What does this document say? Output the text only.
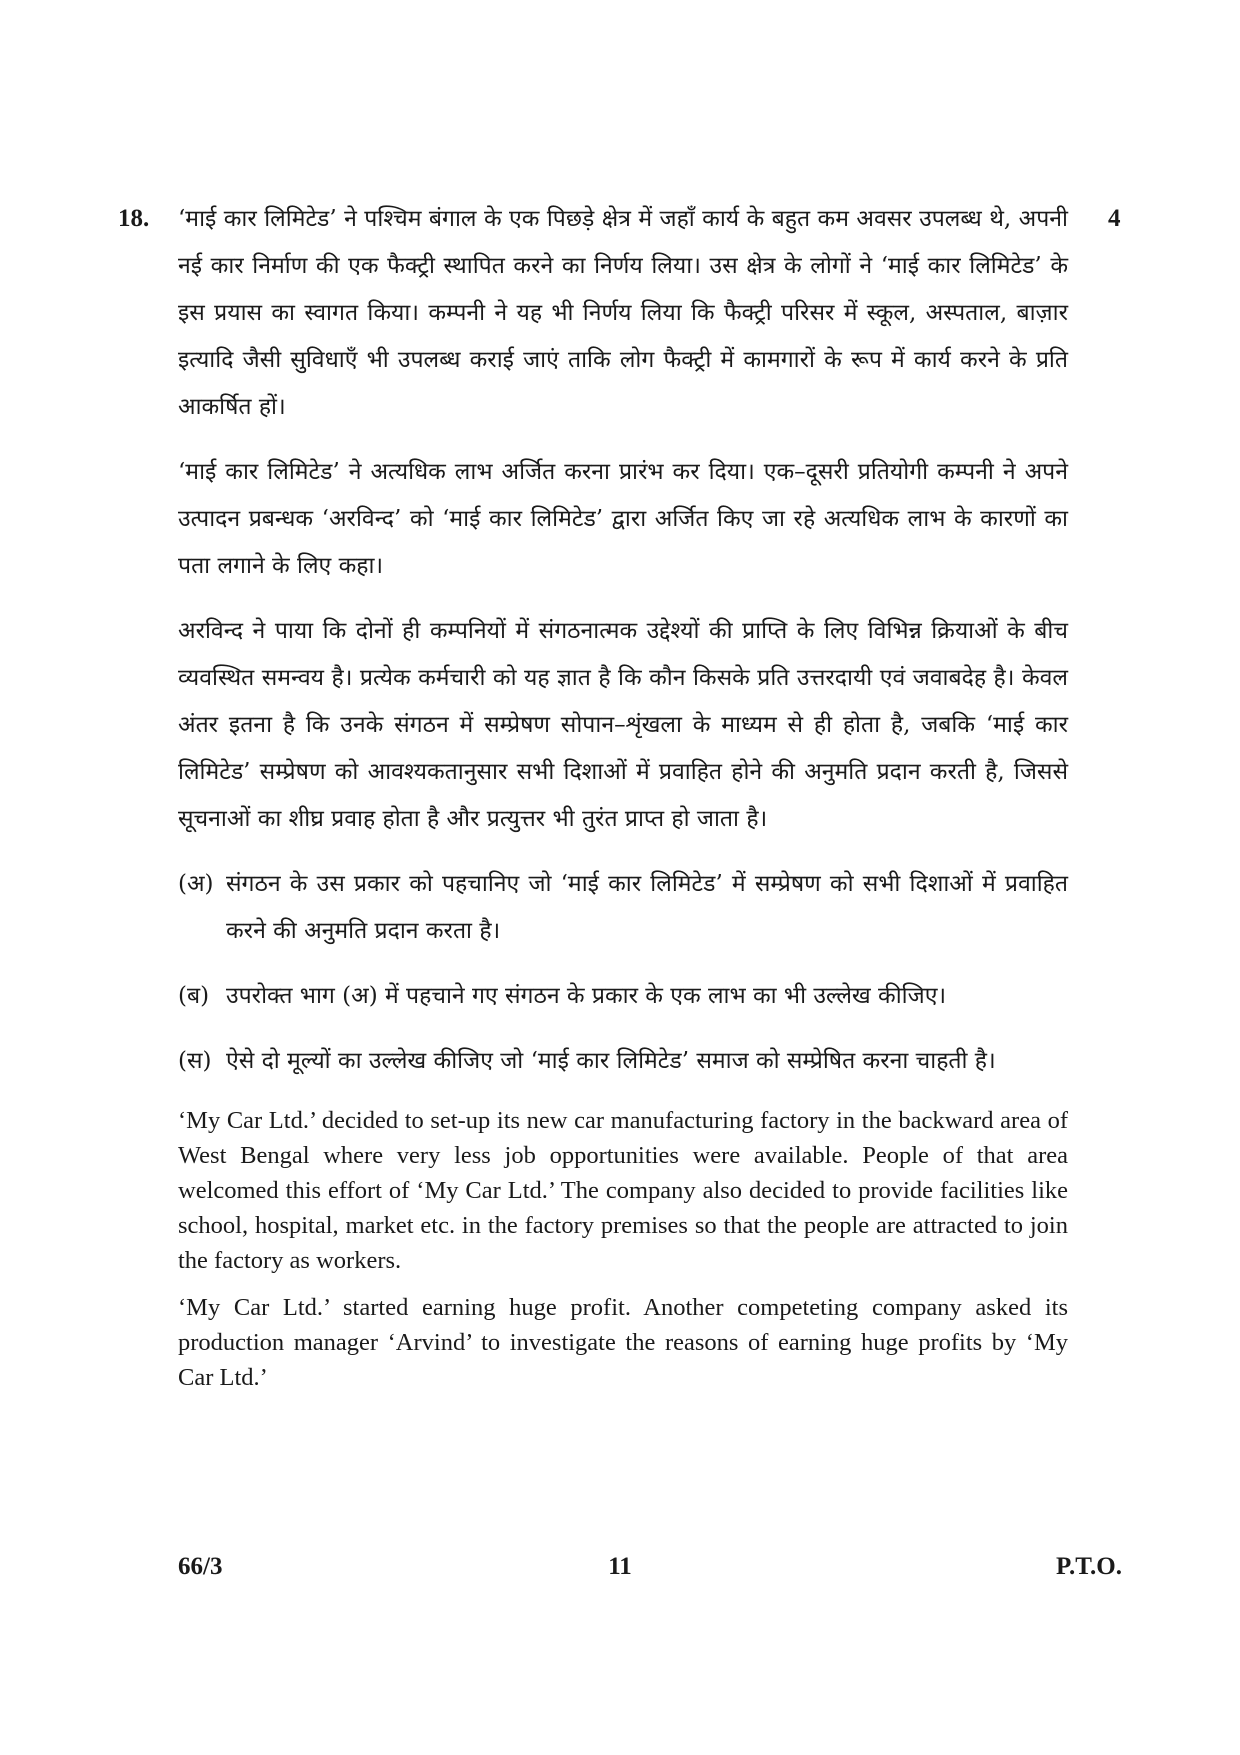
18.	4

‘माई कार लिमिटेड’ ने पश्चिम बंगाल के एक पिछड़े क्षेत्र में जहाँ कार्य के बहुत कम अवसर उपलब्ध थे, अपनी नई कार निर्माण की एक फैक्ट्री स्थापित करने का निर्णय लिया। उस क्षेत्र के लोगों ने ‘माई कार लिमिटेड’ के इस प्रयास का स्वागत किया। कम्पनी ने यह भी निर्णय लिया कि फैक्ट्री परिसर में स्कूल, अस्पताल, बाज़ार इत्यादि जैसी सुविधाएँ भी उपलब्ध कराई जाएं ताकि लोग फैक्ट्री में कामगारों के रूप में कार्य करने के प्रति आकर्षित हों।

‘माई कार लिमिटेड’ ने अत्यधिक लाभ अर्जित करना प्रारंभ कर दिया। एक–दूसरी प्रतियोगी कम्पनी ने अपने उत्पादन प्रबन्धक ‘अरविन्द’ को ‘माई कार लिमिटेड’ द्वारा अर्जित किए जा रहे अत्यधिक लाभ के कारणों का पता लगाने के लिए कहा।

अरविन्द ने पाया कि दोनों ही कम्पनियों में संगठनात्मक उद्देश्यों की प्राप्ति के लिए विभिन्न क्रियाओं के बीच व्यवस्थित समन्वय है। प्रत्येक कर्मचारी को यह ज्ञात है कि कौन किसके प्रति उत्तरदायी एवं जवाबदेह है। केवल अंतर इतना है कि उनके संगठन में सम्प्रेषण सोपान–शृंखला के माध्यम से ही होता है, जबकि ‘माई कार लिमिटेड’ सम्प्रेषण को आवश्यकतानुसार सभी दिशाओं में प्रवाहित होने की अनुमति प्रदान करती है, जिससे सूचनाओं का शीघ्र प्रवाह होता है और प्रत्युत्तर भी तुरंत प्राप्त हो जाता है।

(अ) संगठन के उस प्रकार को पहचानिए जो ‘माई कार लिमिटेड’ में सम्प्रेषण को सभी दिशाओं में प्रवाहित करने की अनुमति प्रदान करता है।

(ब) उपरोक्त भाग (अ) में पहचाने गए संगठन के प्रकार के एक लाभ का भी उल्लेख कीजिए।

(स) ऐसे दो मूल्यों का उल्लेख कीजिए जो ‘माई कार लिमिटेड’ समाज को सम्प्रेषित करना चाहती है।

‘My Car Ltd.’ decided to set-up its new car manufacturing factory in the backward area of West Bengal where very less job opportunities were available. People of that area welcomed this effort of ‘My Car Ltd.’ The company also decided to provide facilities like school, hospital, market etc. in the factory premises so that the people are attracted to join the factory as workers.

‘My Car Ltd.’ started earning huge profit. Another competeting company asked its production manager ‘Arvind’ to investigate the reasons of earning huge profits by ‘My Car Ltd.’

66/3	11	P.T.O.
